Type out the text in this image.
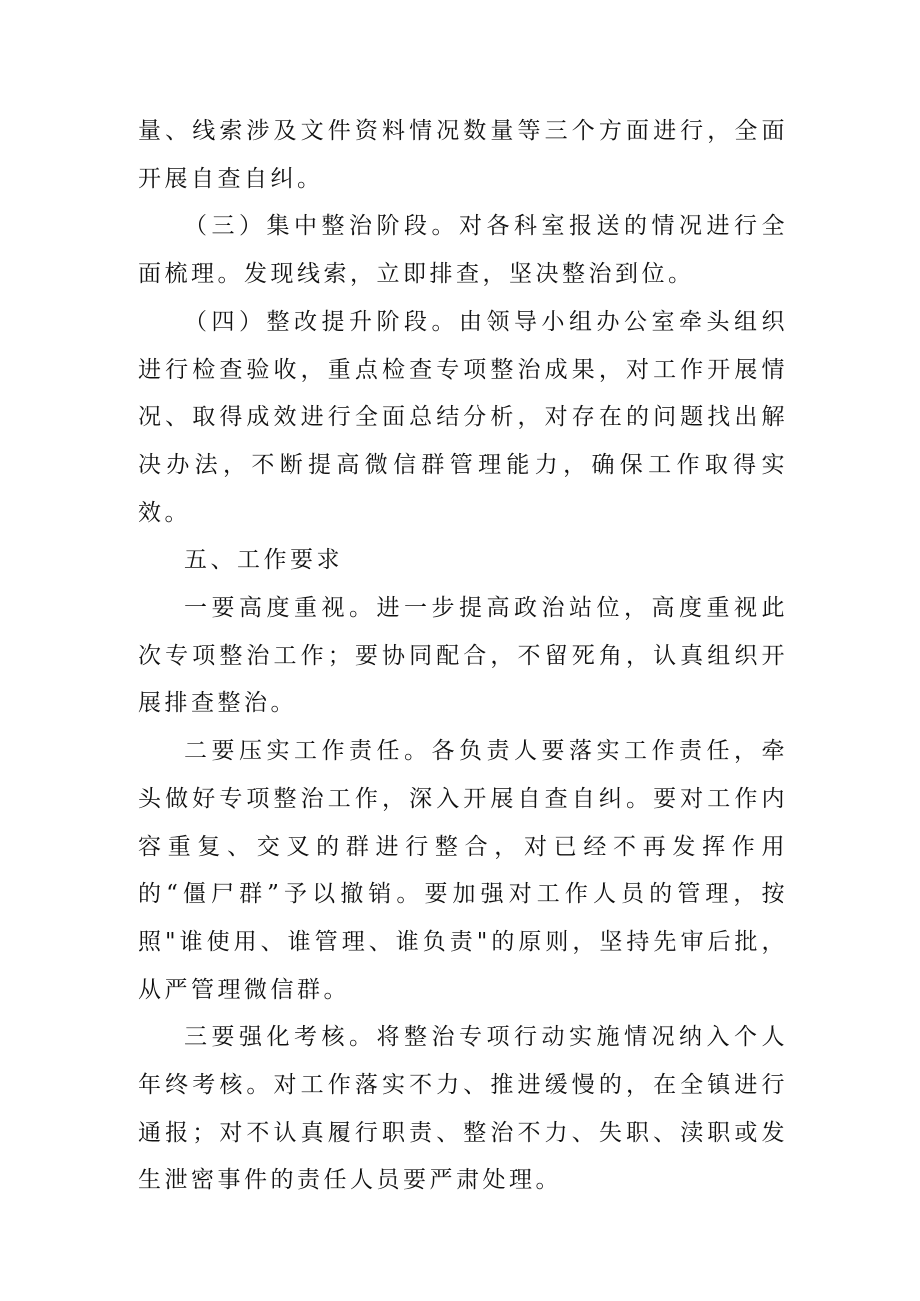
量、线索涉及文件资料情况数量等三个方面进行，全面开展自查自纠。

（三）集中整治阶段。对各科室报送的情况进行全面梳理。发现线索，立即排查，坚决整治到位。

（四）整改提升阶段。由领导小组办公室牵头组织进行检查验收，重点检查专项整治成果，对工作开展情况、取得成效进行全面总结分析，对存在的问题找出解决办法，不断提高微信群管理能力，确保工作取得实效。

五、工作要求

一要高度重视。进一步提高政治站位，高度重视此次专项整治工作；要协同配合，不留死角，认真组织开展排查整治。

二要压实工作责任。各负责人要落实工作责任，牵头做好专项整治工作，深入开展自查自纠。要对工作内容重复、交叉的群进行整合，对已经不再发挥作用的“僵尸群”予以撤销。要加强对工作人员的管理，按照"谁使用、谁管理、谁负责"的原则，坚持先审后批，从严管理微信群。

三要强化考核。将整治专项行动实施情况纳入个人年终考核。对工作落实不力、推进缓慢的，在全镇进行通报；对不认真履行职责、整治不力、失职、渎职或发生泄密事件的责任人员要严肃处理。
